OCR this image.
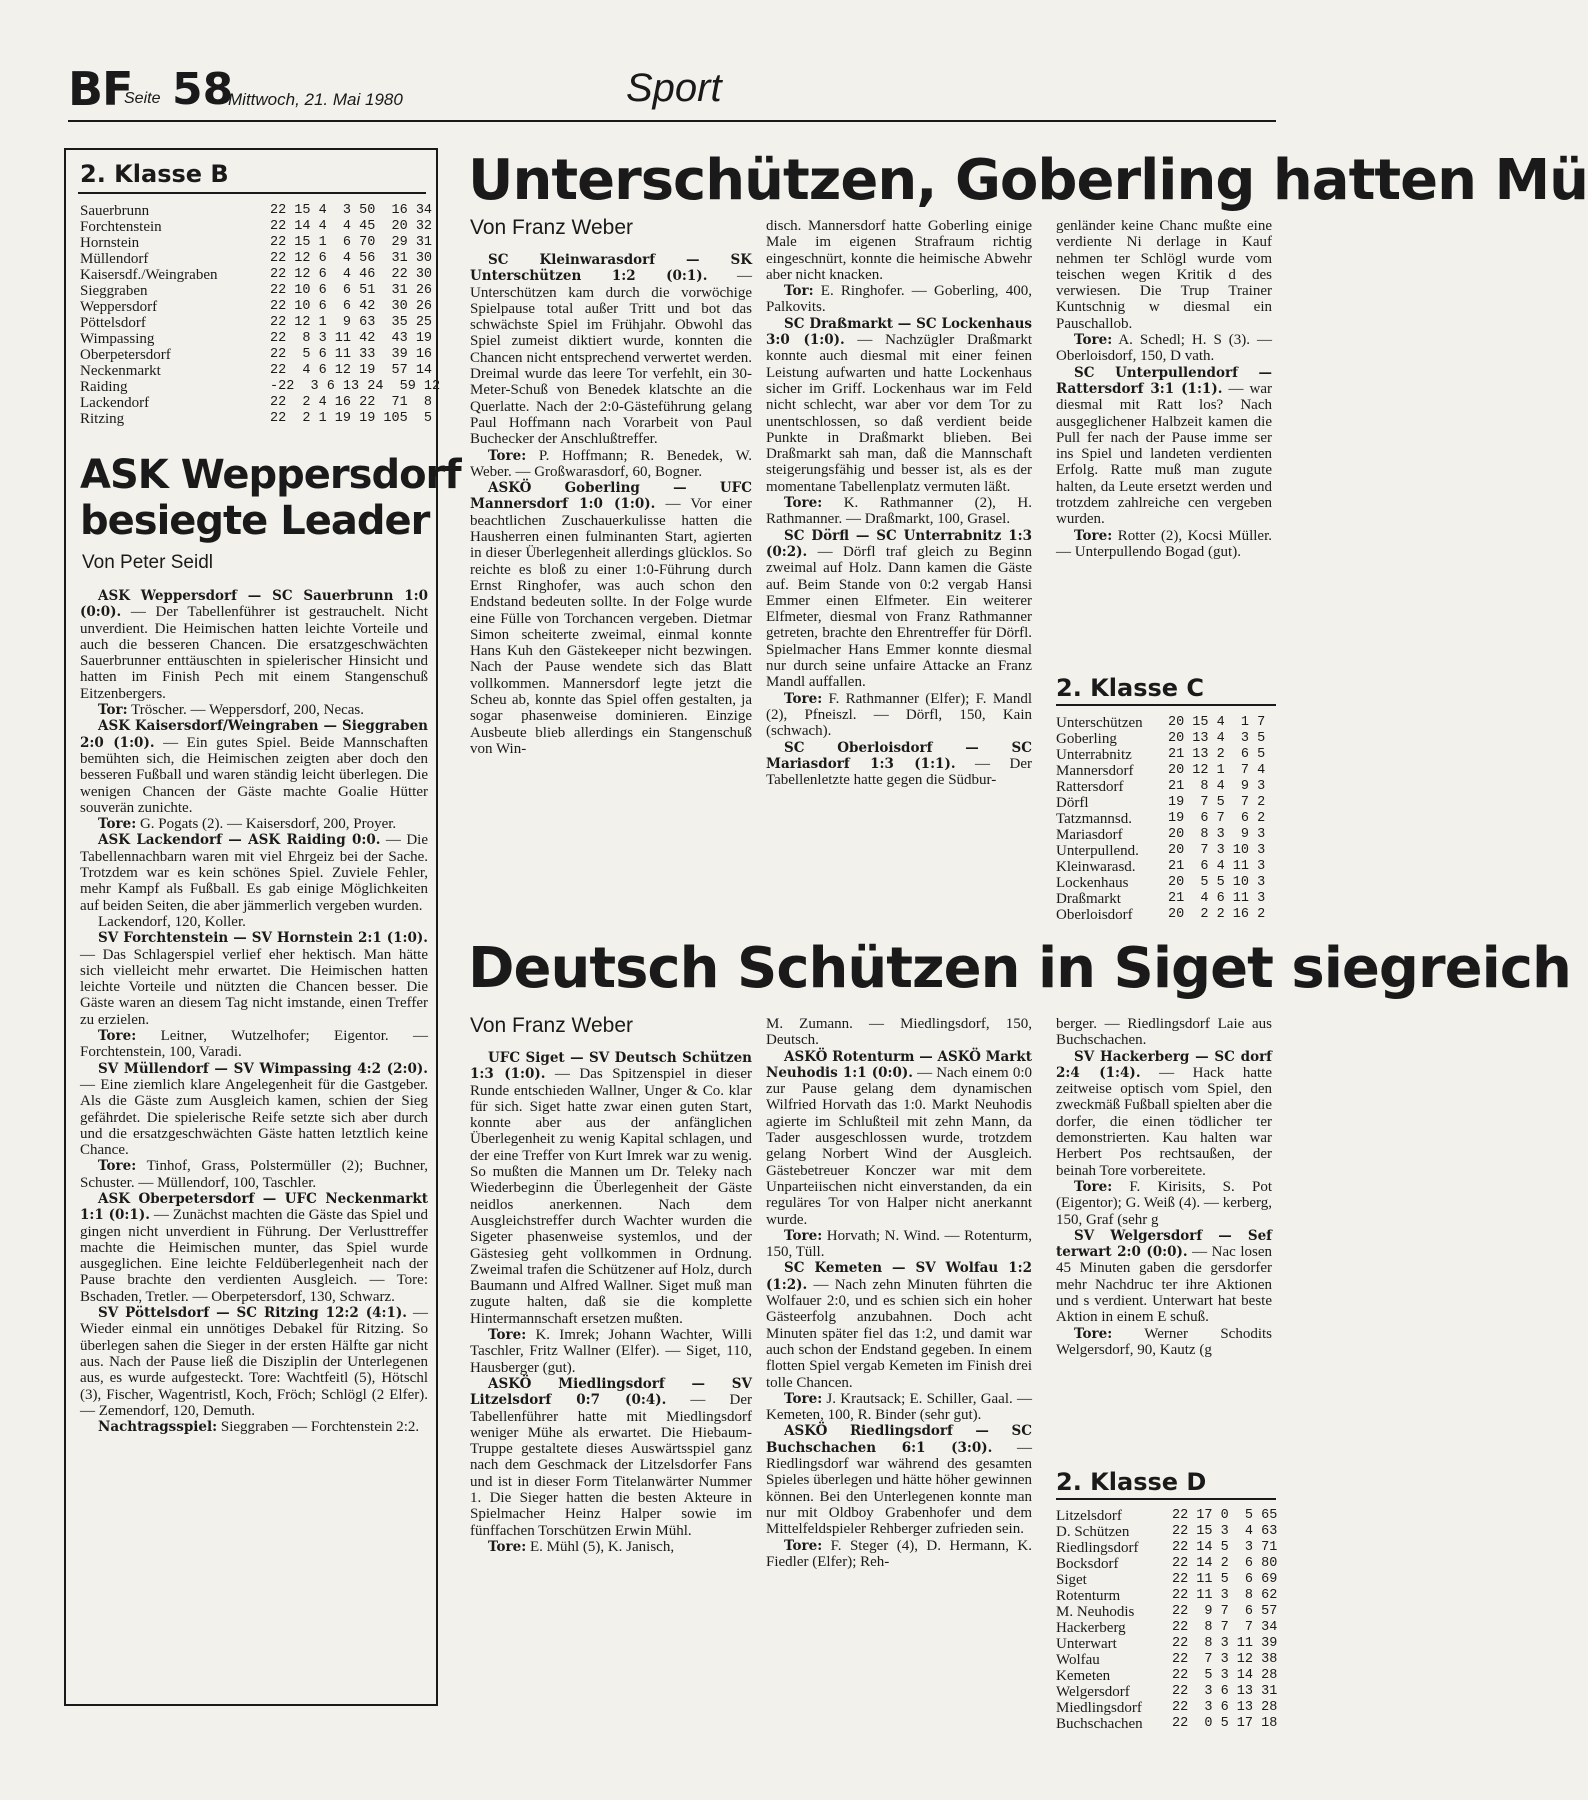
BF
Seite 58
Mittwoch, 21. Mai 1980	Sport
2. Klasse B
Sauerbrunn	22 15 4  3 50  16 34
Forchtenstein	22 14 4  4 45  20 32
Hornstein	22 15 1  6 70  29 31
Müllendorf	22 12 6  4 56  31 30
Kaisersdf./Weingraben	22 12 6  4 46  22 30
Sieggraben	22 10 6  6 51  31 26
Weppersdorf	22 10 6  6 42  30 26
Pöttelsdorf	22 12 1  9 63  35 25
Wimpassing	22  8 3 11 42  43 19
Oberpetersdorf	22  5 6 11 33  39 16
Neckenmarkt	22  4 6 12 19  57 14
Raiding	-22  3 6 13 24  59 12
Lackendorf	22  2 4 16 22  71  8
Ritzing	22  2 1 19 19 105  5
ASK Weppersdorf
besiegte Leader
Von Peter Seidl

ASK Weppersdorf — SC Sauerbrunn 1:0 (0:0). — Der Tabellenführer ist gestrauchelt. Nicht unverdient. Die Heimischen hatten leichte Vorteile und auch die besseren Chancen. Die ersatzgeschwächten Sauerbrunner enttäuschten in spielerischer Hinsicht und hatten im Finish Pech mit einem Stangenschuß Eitzenbergers.

Tor: Tröscher. — Weppersdorf, 200, Necas.

ASK Kaisersdorf/Weingraben — Sieggraben 2:0 (1:0). — Ein gutes Spiel. Beide Mannschaften bemühten sich, die Heimischen zeigten aber doch den besseren Fußball und waren ständig leicht überlegen. Die wenigen Chancen der Gäste machte Goalie Hütter souverän zunichte.

Tore: G. Pogats (2). — Kaisersdorf, 200, Proyer.

ASK Lackendorf — ASK Raiding 0:0. — Die Tabellennachbarn waren mit viel Ehrgeiz bei der Sache. Trotzdem war es kein schönes Spiel. Zuviele Fehler, mehr Kampf als Fußball. Es gab einige Möglichkeiten auf beiden Seiten, die aber jämmerlich vergeben wurden.

Lackendorf, 120, Koller.

SV Forchtenstein — SV Hornstein 2:1 (1:0). — Das Schlagerspiel verlief eher hektisch. Man hätte sich vielleicht mehr erwartet. Die Heimischen hatten leichte Vorteile und nützten die Chancen besser. Die Gäste waren an diesem Tag nicht imstande, einen Treffer zu erzielen.

Tore: Leitner, Wutzelhofer; Eigentor. — Forchtenstein, 100, Varadi.

SV Müllendorf — SV Wimpassing 4:2 (2:0). — Eine ziemlich klare Angelegenheit für die Gastgeber. Als die Gäste zum Ausgleich kamen, schien der Sieg gefährdet. Die spielerische Reife setzte sich aber durch und die ersatzgeschwächten Gäste hatten letztlich keine Chance.

Tore: Tinhof, Grass, Polstermüller (2); Buchner, Schuster. — Müllendorf, 100, Taschler.

ASK Oberpetersdorf — UFC Neckenmarkt 1:1 (0:1). — Zunächst machten die Gäste das Spiel und gingen nicht unverdient in Führung. Der Verlusttreffer machte die Heimischen munter, das Spiel wurde ausgeglichen. Eine leichte Feldüberlegenheit nach der Pause brachte den verdienten Ausgleich. — Tore: Bschaden, Tretler. — Oberpetersdorf, 130, Schwarz.

SV Pöttelsdorf — SC Ritzing 12:2 (4:1). — Wieder einmal ein unnötiges Debakel für Ritzing. So überlegen sahen die Sieger in der ersten Hälfte gar nicht aus. Nach der Pause ließ die Disziplin der Unterlegenen aus, es wurde aufgesteckt. Tore: Wachtfeitl (5), Hötschl (3), Fischer, Wagentristl, Koch, Fröch; Schlögl (2 Elfer). — Zemendorf, 120, Demuth.

Nachtragsspiel: Sieggraben — Forchtenstein 2:2.

Unterschützen, Goberling hatten Mü
Von Franz Weber

SC Kleinwarasdorf — SK Unterschützen 1:2 (0:1). — Unterschützen kam durch die vorwöchige Spielpause total außer Tritt und bot das schwächste Spiel im Frühjahr. Obwohl das Spiel zumeist diktiert wurde, konnten die Chancen nicht entsprechend verwertet werden. Dreimal wurde das leere Tor verfehlt, ein 30-Meter-Schuß von Benedek klatschte an die Querlatte. Nach der 2:0-Gästeführung gelang Paul Hoffmann nach Vorarbeit von Paul Buchecker der Anschlußtreffer.

Tore: P. Hoffmann; R. Benedek, W. Weber. — Großwarasdorf, 60, Bogner.

ASKÖ Goberling — UFC Mannersdorf 1:0 (1:0). — Vor einer beachtlichen Zuschauerkulisse hatten die Hausherren einen fulminanten Start, agierten in dieser Überlegenheit allerdings glücklos. So reichte es bloß zu einer 1:0-Führung durch Ernst Ringhofer, was auch schon den Endstand bedeuten sollte. In der Folge wurde eine Fülle von Torchancen vergeben. Dietmar Simon scheiterte zweimal, einmal konnte Hans Kuh den Gästekeeper nicht bezwingen. Nach der Pause wendete sich das Blatt vollkommen. Mannersdorf legte jetzt die Scheu ab, konnte das Spiel offen gestalten, ja sogar phasenweise dominieren. Einzige Ausbeute blieb allerdings ein Stangenschuß von Win-

disch. Mannersdorf hatte Goberling einige Male im eigenen Strafraum richtig eingeschnürt, konnte die heimische Abwehr aber nicht knacken.

Tor: E. Ringhofer. — Goberling, 400, Palkovits.

SC Draßmarkt — SC Lockenhaus 3:0 (1:0). — Nachzügler Draßmarkt konnte auch diesmal mit einer feinen Leistung aufwarten und hatte Lockenhaus sicher im Griff. Lockenhaus war im Feld nicht schlecht, war aber vor dem Tor zu unentschlossen, so daß verdient beide Punkte in Draßmarkt blieben. Bei Draßmarkt sah man, daß die Mannschaft steigerungsfähig und besser ist, als es der momentane Tabellenplatz vermuten läßt.

Tore: K. Rathmanner (2), H. Rathmanner. — Draßmarkt, 100, Grasel.

SC Dörfl — SC Unterrabnitz 1:3 (0:2). — Dörfl traf gleich zu Beginn zweimal auf Holz. Dann kamen die Gäste auf. Beim Stande von 0:2 vergab Hansi Emmer einen Elfmeter. Ein weiterer Elfmeter, diesmal von Franz Rathmanner getreten, brachte den Ehrentreffer für Dörfl. Spielmacher Hans Emmer konnte diesmal nur durch seine unfaire Attacke an Franz Mandl auffallen.

Tore: F. Rathmanner (Elfer); F. Mandl (2), Pfneiszl. — Dörfl, 150, Kain (schwach).

SC Oberloisdorf — SC Mariasdorf 1:3 (1:1). — Der Tabellenletzte hatte gegen die Südbur-

genländer keine Chanc mußte eine verdiente Ni derlage in Kauf nehmen ter Schlögl wurde vom teischen wegen Kritik d des verwiesen. Die Trup Trainer Kuntschnig w diesmal ein Pauschallob.

Tore: A. Schedl; H. S (3). — Oberloisdorf, 150, D vath.

SC Unterpullendorf — Rattersdorf 3:1 (1:1). — war diesmal mit Ratt los? Nach ausgeglichener Halbzeit kamen die Pull fer nach der Pause imme ser ins Spiel und landeten verdienten Erfolg. Ratte muß man zugute halten, da Leute ersetzt werden und trotzdem zahlreiche cen vergeben wurden.

Tore: Rotter (2), Kocsi Müller. — Unterpullendo Bogad (gut).

2. Klasse C
Unterschützen	20 15 4  1 7
Goberling	20 13 4  3 5
Unterrabnitz	21 13 2  6 5
Mannersdorf	20 12 1  7 4
Rattersdorf	21  8 4  9 3
Dörfl	19  7 5  7 2
Tatzmannsd.	19  6 7  6 2
Mariasdorf	20  8 3  9 3
Unterpullend.	20  7 3 10 3
Kleinwarasd.	21  6 4 11 3
Lockenhaus	20  5 5 10 3
Draßmarkt	21  4 6 11 3
Oberloisdorf	20  2 2 16 2
Deutsch Schützen in Siget siegreich
Von Franz Weber

UFC Siget — SV Deutsch Schützen 1:3 (1:0). — Das Spitzenspiel in dieser Runde entschieden Wallner, Unger & Co. klar für sich. Siget hatte zwar einen guten Start, konnte aber aus der anfänglichen Überlegenheit zu wenig Kapital schlagen, und der eine Treffer von Kurt Imrek war zu wenig. So mußten die Mannen um Dr. Teleky nach Wiederbeginn die Überlegenheit der Gäste neidlos anerkennen. Nach dem Ausgleichstreffer durch Wachter wurden die Sigeter phasenweise systemlos, und der Gästesieg geht vollkommen in Ordnung. Zweimal trafen die Schützener auf Holz, durch Baumann und Alfred Wallner. Siget muß man zugute halten, daß sie die komplette Hintermannschaft ersetzen mußten.

Tore: K. Imrek; Johann Wachter, Willi Taschler, Fritz Wallner (Elfer). — Siget, 110, Hausberger (gut).

ASKÖ Miedlingsdorf — SV Litzelsdorf 0:7 (0:4). — Der Tabellenführer hatte mit Miedlingsdorf weniger Mühe als erwartet. Die Hiebaum-Truppe gestaltete dieses Auswärtsspiel ganz nach dem Geschmack der Litzelsdorfer Fans und ist in dieser Form Titelanwärter Nummer 1. Die Sieger hatten die besten Akteure in Spielmacher Heinz Halper sowie im fünffachen Torschützen Erwin Mühl.

Tore: E. Mühl (5), K. Janisch,

M. Zumann. — Miedlingsdorf, 150, Deutsch.

ASKÖ Rotenturm — ASKÖ Markt Neuhodis 1:1 (0:0). — Nach einem 0:0 zur Pause gelang dem dynamischen Wilfried Horvath das 1:0. Markt Neuhodis agierte im Schlußteil mit zehn Mann, da Tader ausgeschlossen wurde, trotzdem gelang Norbert Wind der Ausgleich. Gästebetreuer Konczer war mit dem Unparteiischen nicht einverstanden, da ein reguläres Tor von Halper nicht anerkannt wurde.

Tore: Horvath; N. Wind. — Rotenturm, 150, Tüll.

SC Kemeten — SV Wolfau 1:2 (1:2). — Nach zehn Minuten führten die Wolfauer 2:0, und es schien sich ein hoher Gästeerfolg anzubahnen. Doch acht Minuten später fiel das 1:2, und damit war auch schon der Endstand gegeben. In einem flotten Spiel vergab Kemeten im Finish drei tolle Chancen.

Tore: J. Krautsack; E. Schiller, Gaal. — Kemeten, 100, R. Binder (sehr gut).

ASKÖ Riedlingsdorf — SC Buchschachen 6:1 (3:0). — Riedlingsdorf war während des gesamten Spieles überlegen und hätte höher gewinnen können. Bei den Unterlegenen konnte man nur mit Oldboy Grabenhofer und dem Mittelfeldspieler Rehberger zufrieden sein.

Tore: F. Steger (4), D. Hermann, K. Fiedler (Elfer); Reh-

berger. — Riedlingsdorf Laie aus Buchschachen.

SV Hackerberg — SC dorf 2:4 (1:4). — Hack hatte zeitweise optisch vom Spiel, den zweckmäß Fußball spielten aber die dorfer, die einen tödlicher ter demonstrierten. Kau halten war Herbert Pos rechtsaußen, der beinah Tore vorbereitete.

Tore: F. Kirisits, S. Pot (Eigentor); G. Weiß (4). — kerberg, 150, Graf (sehr g

SV Welgersdorf — Sef terwart 2:0 (0:0). — Nac losen 45 Minuten gaben die gersdorfer mehr Nachdruc ter ihre Aktionen und s verdient. Unterwart hat beste Aktion in einem E schuß.

Tore: Werner Schodits Welgersdorf, 90, Kautz (g

2. Klasse D
Litzelsdorf	22 17 0  5 65
D. Schützen	22 15 3  4 63
Riedlingsdorf	22 14 5  3 71
Bocksdorf	22 14 2  6 80
Siget	22 11 5  6 69
Rotenturm	22 11 3  8 62
M. Neuhodis	22  9 7  6 57
Hackerberg	22  8 7  7 34
Unterwart	22  8 3 11 39
Wolfau	22  7 3 12 38
Kemeten	22  5 3 14 28
Welgersdorf	22  3 6 13 31
Miedlingsdorf	22  3 6 13 28
Buchschachen	22  0 5 17 18
